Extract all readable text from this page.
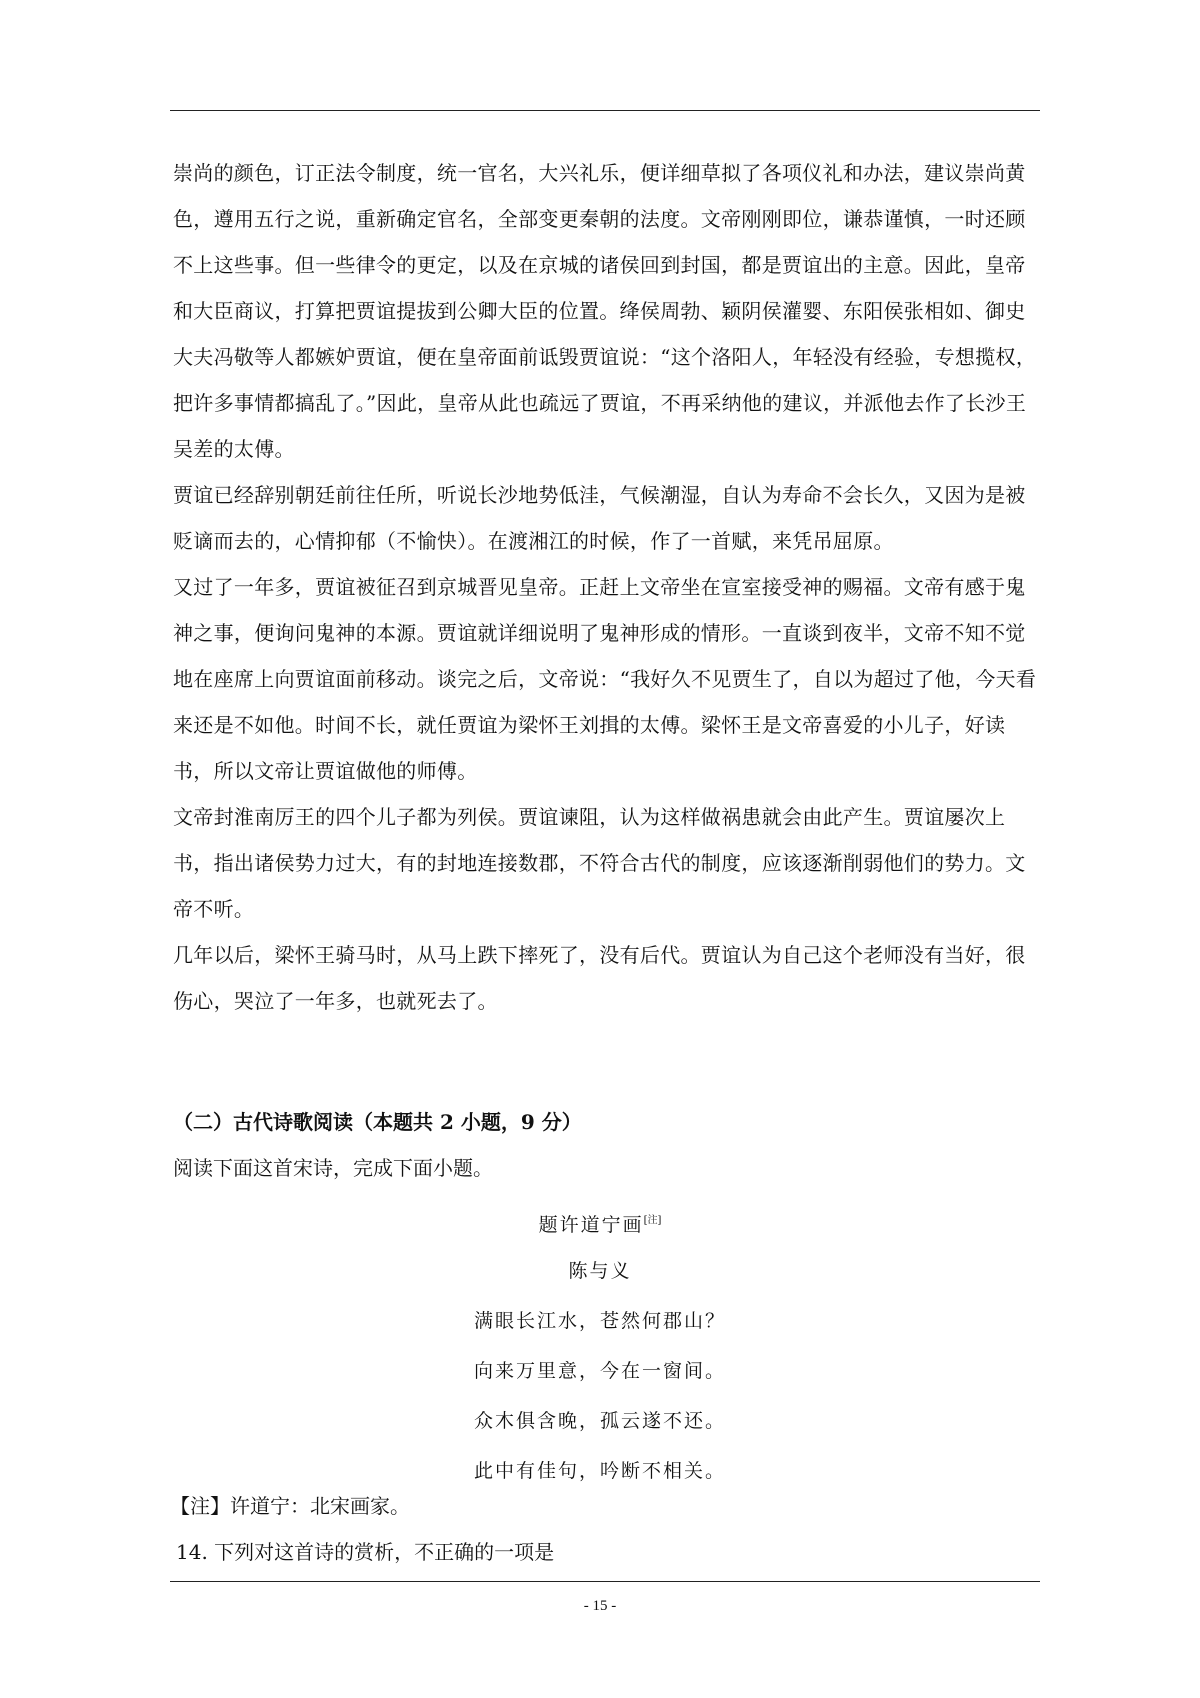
崇尚的颜色，订正法令制度，统一官名，大兴礼乐，便详细草拟了各项仪礼和办法，建议崇尚黄色，遵用五行之说，重新确定官名，全部变更秦朝的法度。文帝刚刚即位，谦恭谨慎，一时还顾不上这些事。但一些律令的更定，以及在京城的诸侯回到封国，都是贾谊出的主意。因此，皇帝和大臣商议，打算把贾谊提拔到公卿大臣的位置。绛侯周勃、颖阴侯灌婴、东阳侯张相如、御史大夫冯敬等人都嫉妒贾谊，便在皇帝面前诋毁贾谊说：“这个洛阳人，年轻没有经验，专想揽权，把许多事情都搞乱了。”因此，皇帝从此也疏远了贾谊，不再采纳他的建议，并派他去作了长沙王吴差的太傅。

贾谊已经辞别朝廷前往任所，听说长沙地势低洼，气候潮湿，自认为寿命不会长久，又因为是被贬谪而去的，心情抑郁（不愉快）。在渡湘江的时候，作了一首赋，来凭吊屈原。

又过了一年多，贾谊被征召到京城晋见皇帝。正赶上文帝坐在宣室接受神的赐福。文帝有感于鬼神之事，便询问鬼神的本源。贾谊就详细说明了鬼神形成的情形。一直谈到夜半，文帝不知不觉地在座席上向贾谊面前移动。谈完之后，文帝说：“我好久不见贾生了，自以为超过了他，今天看来还是不如他。时间不长，就任贾谊为梁怀王刘揖的太傅。梁怀王是文帝喜爱的小儿子，好读书，所以文帝让贾谊做他的师傅。

文帝封淮南厉王的四个儿子都为列侯。贾谊谏阻，认为这样做祸患就会由此产生。贾谊屡次上书，指出诸侯势力过大，有的封地连接数郡，不符合古代的制度，应该逐渐削弱他们的势力。文帝不听。

几年以后，梁怀王骑马时，从马上跌下摔死了，没有后代。贾谊认为自己这个老师没有当好，很伤心，哭泣了一年多，也就死去了。

（二）古代诗歌阅读（本题共 2 小题，9 分）
阅读下面这首宋诗，完成下面小题。
题许道宁画[注]
陈与义
满眼长江水，苍然何郡山？
向来万里意，今在一窗间。
众木俱含晚，孤云遂不还。
此中有佳句，吟断不相关。
【注】许道宁：北宋画家。
14. 下列对这首诗的赏析，不正确的一项是
- 15 -
